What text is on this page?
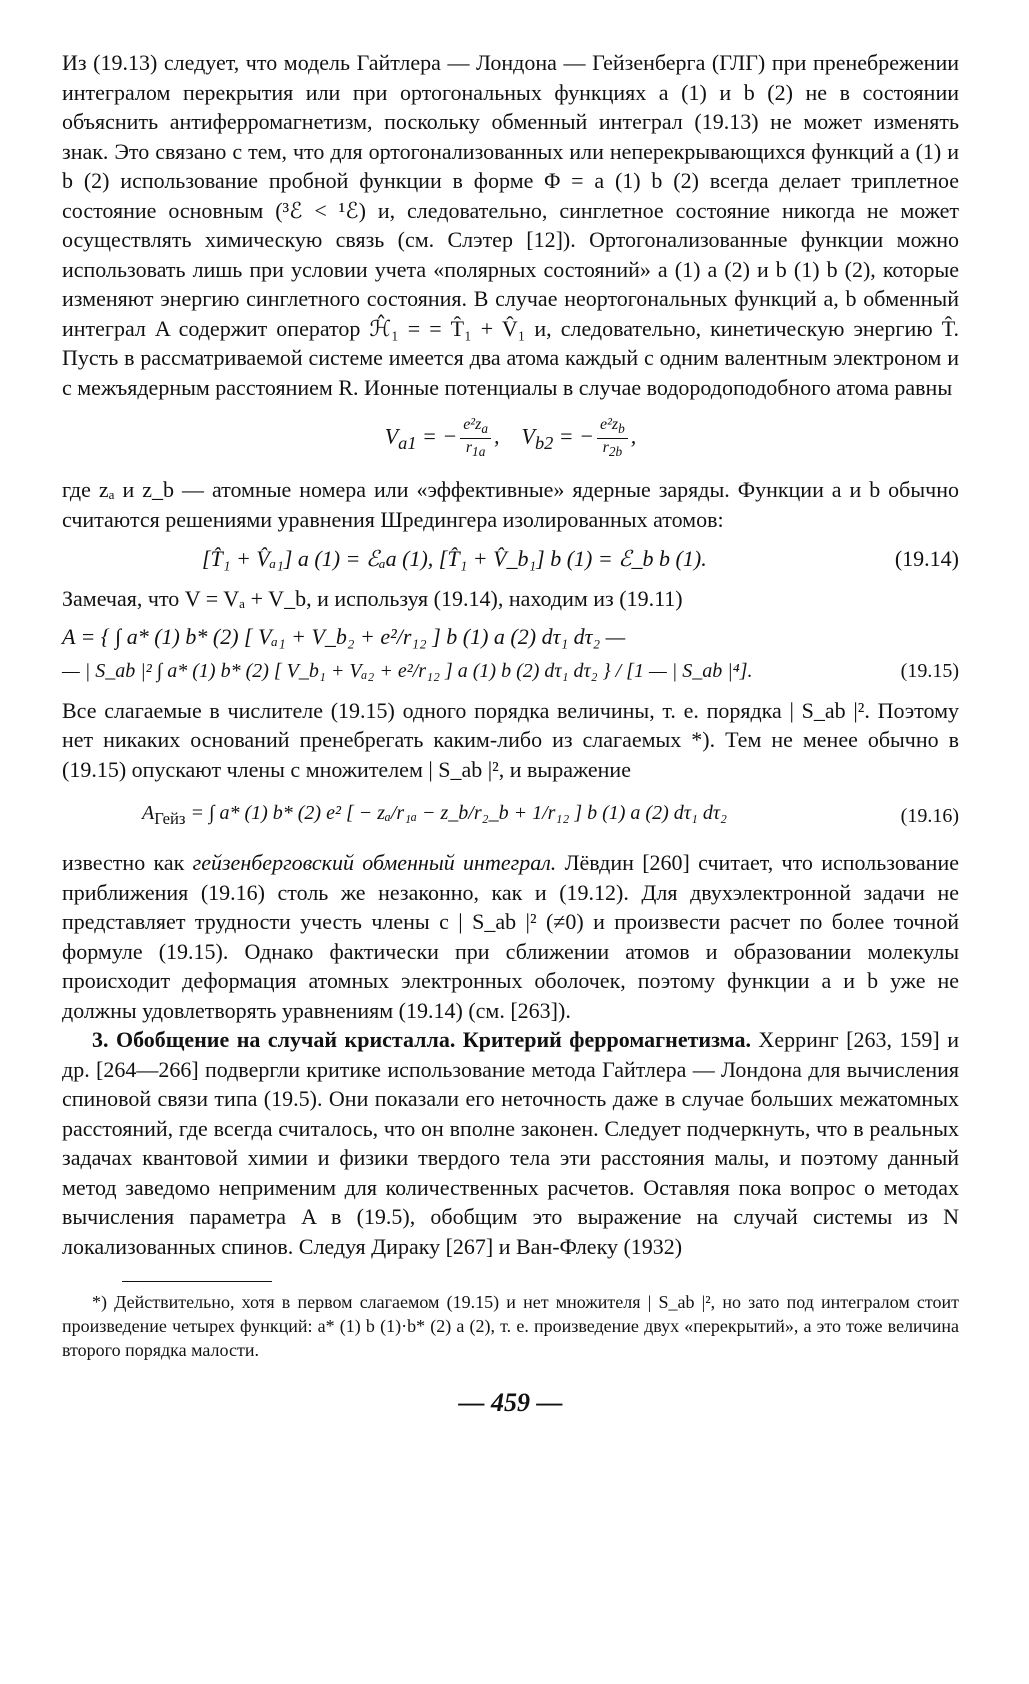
Из (19.13) следует, что модель Гайтлера — Лондона — Гейзенберга (ГЛГ) при пренебрежении интегралом перекрытия или при ортогональных функциях a (1) и b (2) не в состоянии объяснить антиферромагнетизм, поскольку обменный интеграл (19.13) не может изменять знак. Это связано с тем, что для ортогонализованных или неперекрывающихся функций a (1) и b (2) использование пробной функции в форме Φ = a (1) b (2) всегда делает триплетное состояние основным (³ℰ < ¹ℰ) и, следовательно, синглетное состояние никогда не может осуществлять химическую связь (см. Слэтер [12]). Ортогонализованные функции можно использовать лишь при условии учета «полярных состояний» a (1) a (2) и b (1) b (2), которые изменяют энергию синглетного состояния. В случае неортогональных функций a, b обменный интеграл A содержит оператор ℋ̂₁ = = T̂₁ + V̂₁ и, следовательно, кинетическую энергию T̂. Пусть в рассматриваемой системе имеется два атома каждый с одним валентным электроном и с межъядерным расстоянием R. Ионные потенциалы в случае водородоподобного атома равны

$V_{a1}$ = − $\frac{e^2z_a}{r_{1a}}$ ,    $V_{b2}$ = − $\frac{e^2z_b}{r_{2b}}$ ,

где zₐ и z_b — атомные номера или «эффективные» ядерные заряды. Функции a и b обычно считаются решениями уравнения Шредингера изолированных атомов:

[T̂₁ + V̂ₐ₁] a (1) = ℰₐa (1), [T̂₁ + V̂_b₁] b (1) = ℰ_b b (1).	(19.14)

Замечая, что V = Vₐ + V_b, и используя (19.14), находим из (19.11)

A = { ∫ a* (1) b* (2) [ Vₐ₁ + V_b₂ + e²/r₁₂ ] b (1) a (2) dτ₁ dτ₂ —
— | S_ab |² ∫ a* (1) b* (2) [ V_b₁ + Vₐ₂ + e²/r₁₂ ] a (1) b (2) dτ₁ dτ₂ } / [1 — | S_ab |⁴].	(19.15)

Все слагаемые в числителе (19.15) одного порядка величины, т. е. порядка | S_ab |². Поэтому нет никаких оснований пренебрегать каким-либо из слагаемых *). Тем не менее обычно в (19.15) опускают члены с множителем | S_ab |², и выражение

$A_{Гейз}$ = ∫ a* (1) b* (2) e² [ − zₐ/r₁ₐ − z_b/r₂_b + 1/r₁₂ ] b (1) a (2) dτ₁ dτ₂	(19.16)

известно как гейзенберговский обменный интеграл. Лёвдин [260] считает, что использование приближения (19.16) столь же незаконно, как и (19.12). Для двухэлектронной задачи не представляет трудности учесть члены с | S_ab |² (≠0) и произвести расчет по более точной формуле (19.15). Однако фактически при сближении атомов и образовании молекулы происходит деформация атомных электронных оболочек, поэтому функции a и b уже не должны удовлетворять уравнениям (19.14) (см. [263]).

3. Обобщение на случай кристалла. Критерий ферромагнетизма. Херринг [263, 159] и др. [264—266] подвергли критике использование метода Гайтлера — Лондона для вычисления спиновой связи типа (19.5). Они показали его неточность даже в случае больших межатомных расстояний, где всегда считалось, что он вполне законен. Следует подчеркнуть, что в реальных задачах квантовой химии и физики твердого тела эти расстояния малы, и поэтому данный метод заведомо неприменим для количественных расчетов. Оставляя пока вопрос о методах вычисления параметра A в (19.5), обобщим это выражение на случай системы из N локализованных спинов. Следуя Дираку [267] и Ван-Флеку (1932)

*) Действительно, хотя в первом слагаемом (19.15) и нет множителя | S_ab |², но зато под интегралом стоит произведение четырех функций: a* (1) b (1)·b* (2) a (2), т. е. произведение двух «перекрытий», а это тоже величина второго порядка малости.

— 459 —
